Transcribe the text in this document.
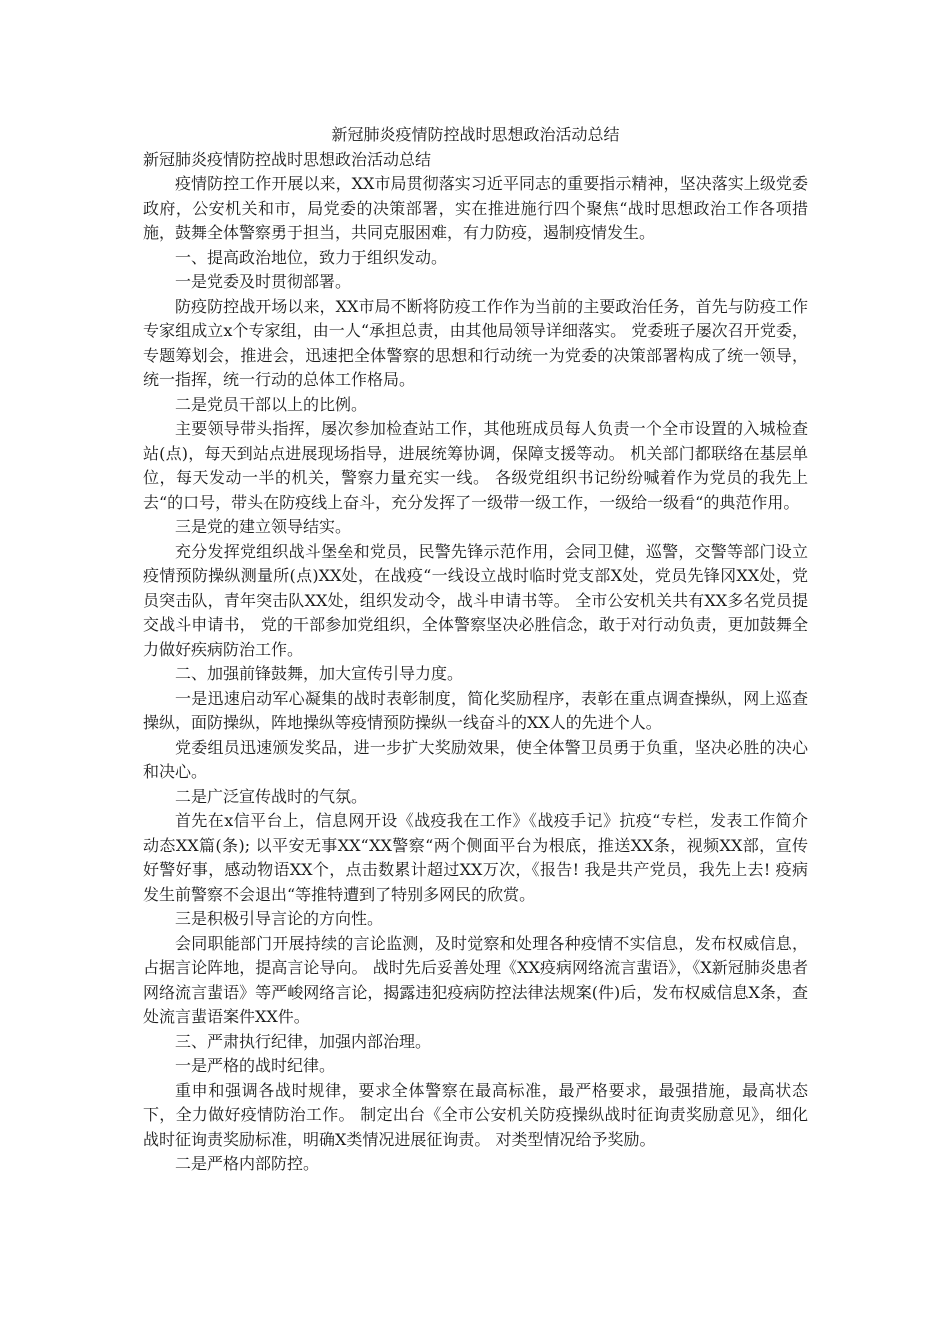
新冠肺炎疫情防控战时思想政治活动总结

新冠肺炎疫情防控战时思想政治活动总结

疫情防控工作开展以来，XX市局贯彻落实习近平同志的重要指示精神，坚决落实上级党委政府，公安机关和市，局党委的决策部署，实在推进施行四个聚焦“战时思想政治工作各项措施，鼓舞全体警察勇于担当，共同克服困难，有力防疫，遏制疫情发生。

一、提高政治地位，致力于组织发动。

一是党委及时贯彻部署。

防疫防控战开场以来，XX市局不断将防疫工作作为当前的主要政治任务，首先与防疫工作专家组成立x个专家组，由一人“承担总责，由其他局领导详细落实。 党委班子屡次召开党委，专题筹划会，推进会，迅速把全体警察的思想和行动统一为党委的决策部署构成了统一领导，统一指挥，统一行动的总体工作格局。

二是党员干部以上的比例。

主要领导带头指挥，屡次参加检查站工作，其他班成员每人负责一个全市设置的入城检查站(点)，每天到站点进展现场指导，进展统筹协调，保障支援等动。 机关部门都联络在基层单位，每天发动一半的机关，警察力量充实一线。 各级党组织书记纷纷喊着作为党员的我先上去“的口号，带头在防疫线上奋斗，充分发挥了一级带一级工作，一级给一级看“的典范作用。

三是党的建立领导结实。

充分发挥党组织战斗堡垒和党员，民警先锋示范作用，会同卫健，巡警，交警等部门设立疫情预防操纵测量所(点)XX处，在战疫“一线设立战时临时党支部X处，党员先锋冈XX处，党员突击队，青年突击队XX处，组织发动令，战斗申请书等。 全市公安机关共有XX多名党员提交战斗申请书， 党的干部参加党组织，全体警察坚决必胜信念，敢于对行动负责，更加鼓舞全力做好疾病防治工作。

二、加强前锋鼓舞，加大宣传引导力度。

一是迅速启动军心凝集的战时表彰制度，简化奖励程序，表彰在重点调查操纵，网上巡查操纵，面防操纵，阵地操纵等疫情预防操纵一线奋斗的XX人的先进个人。

党委组员迅速颁发奖品，进一步扩大奖励效果，使全体警卫员勇于负重，坚决必胜的决心和决心。

二是广泛宣传战时的气氛。

首先在x信平台上，信息网开设《战疫我在工作》《战疫手记》抗疫“专栏，发表工作简介动态XX篇(条); 以平安无事XX“XX警察“两个侧面平台为根底，推送XX条，视频XX部，宣传好警好事，感动物语XX个，点击数累计超过XX万次，《报告! 我是共产党员，我先上去! 疫病发生前警察不会退出“等推特遭到了特别多网民的欣赏。

三是积极引导言论的方向性。

会同职能部门开展持续的言论监测，及时觉察和处理各种疫情不实信息，发布权威信息，占据言论阵地，提高言论导向。 战时先后妥善处理《XX疫病网络流言蜚语》，《X新冠肺炎患者网络流言蜚语》等严峻网络言论，揭露违犯疫病防控法律法规案(件)后，发布权威信息X条，查处流言蜚语案件XX件。

三、严肃执行纪律，加强内部治理。

一是严格的战时纪律。

重申和强调各战时规律，要求全体警察在最高标准，最严格要求，最强措施，最高状态下，全力做好疫情防治工作。 制定出台《全市公安机关防疫操纵战时征询责奖励意见》，细化战时征询责奖励标准，明确X类情况进展征询责。 对类型情况给予奖励。

二是严格内部防控。
